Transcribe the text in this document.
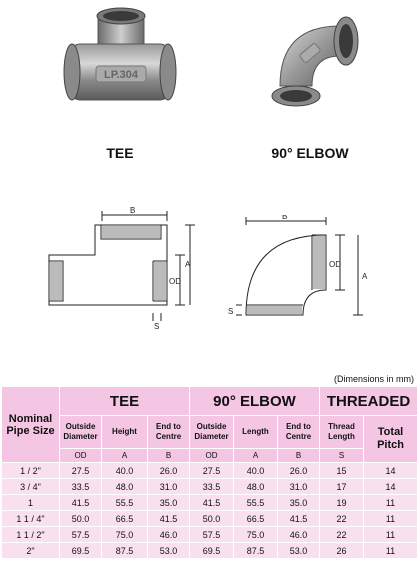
LP.304
TEE	90° ELBOW
B
OD
A
S
B
OD
A
S
(Dimensions in mm)
Nominal Pipe Size	TEE			90° ELBOW			THREADED	
	Outside Diameter	Height	End to Centre	Outside Diameter	Length	End to Centre	Thread Length	Total Pitch
	OD	A	B	OD	A	B	S	
1 / 2"	27.5	40.0	26.0	27.5	40.0	26.0	15	14
3 / 4"	33.5	48.0	31.0	33.5	48.0	31.0	17	14
1	41.5	55.5	35.0	41.5	55.5	35.0	19	11
1 1 / 4"	50.0	66.5	41.5	50.0	66.5	41.5	22	11
1 1 / 2"	57.5	75.0	46.0	57.5	75.0	46.0	22	11
2"	69.5	87.5	53.0	69.5	87.5	53.0	26	11
